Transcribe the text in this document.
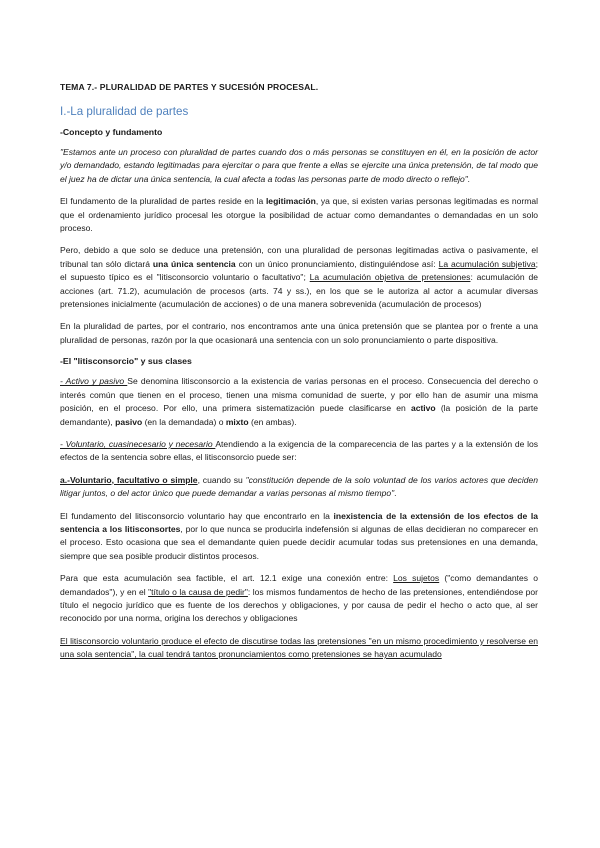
TEMA 7.- PLURALIDAD DE PARTES Y SUCESIÓN PROCESAL.

I.-La pluralidad de partes

-Concepto y fundamento

"Estamos ante un proceso con pluralidad de partes cuando dos o más personas se constituyen en él, en la posición de actor y/o demandado, estando legitimadas para ejercitar o para que frente a ellas se ejercite una única pretensión, de tal modo que el juez ha de dictar una única sentencia, la cual afecta a todas las personas parte de modo directo o reflejo".

El fundamento de la pluralidad de partes reside en la legitimación, ya que, si existen varias personas legitimadas es normal que el ordenamiento jurídico procesal les otorgue la posibilidad de actuar como demandantes o demandadas en un solo proceso.

Pero, debido a que solo se deduce una pretensión, con una pluralidad de personas legitimadas activa o pasivamente, el tribunal tan sólo dictará una única sentencia con un único pronunciamiento, distinguiéndose así: La acumulación subjetiva; el supuesto típico es el "litisconsorcio voluntario o facultativo"; La acumulación objetiva de pretensiones: acumulación de acciones (art. 71.2), acumulación de procesos (arts. 74 y ss.), en los que se le autoriza al actor a acumular diversas pretensiones inicialmente (acumulación de acciones) o de una manera sobrevenida (acumulación de procesos)

En la pluralidad de partes, por el contrario, nos encontramos ante una única pretensión que se plantea por o frente a una pluralidad de personas, razón por la que ocasionará una sentencia con un solo pronunciamiento o parte dispositiva.

-El "litisconsorcio" y sus clases

- Activo y pasivo Se denomina litisconsorcio a la existencia de varias personas en el proceso. Consecuencia del derecho o interés común que tienen en el proceso, tienen una misma comunidad de suerte, y por ello han de asumir una misma posición, en el proceso. Por ello, una primera sistematización puede clasificarse en activo (la posición de la parte demandante), pasivo (en la demandada) o mixto (en ambas).

- Voluntario, cuasinecesario y necesario Atendiendo a la exigencia de la comparecencia de las partes y a la extensión de los efectos de la sentencia sobre ellas, el litisconsorcio puede ser:

a.-Voluntario, facultativo o simple, cuando su "constitución depende de la solo voluntad de los varios actores que deciden litigar juntos, o del actor único que puede demandar a varias personas al mismo tiempo".

El fundamento del litisconsorcio voluntario hay que encontrarlo en la inexistencia de la extensión de los efectos de la sentencia a los litisconsortes, por lo que nunca se producirla indefensión si algunas de ellas decidieran no comparecer en el proceso. Esto ocasiona que sea el demandante quien puede decidir acumular todas sus pretensiones en una demanda, siempre que sea posible producir distintos procesos.

Para que esta acumulación sea factible, el art. 12.1 exige una conexión entre: Los sujetos ("como demandantes o demandados"), y en el "título o la causa de pedir": los mismos fundamentos de hecho de las pretensiones, entendiéndose por título el negocio jurídico que es fuente de los derechos y obligaciones, y por causa de pedir el hecho o acto que, al ser reconocido por una norma, origina los derechos y obligaciones

El litisconsorcio voluntario produce el efecto de discutirse todas las pretensiones "en un mismo procedimiento y resolverse en una sola sentencia", la cual tendrá tantos pronunciamientos como pretensiones se hayan acumulado
